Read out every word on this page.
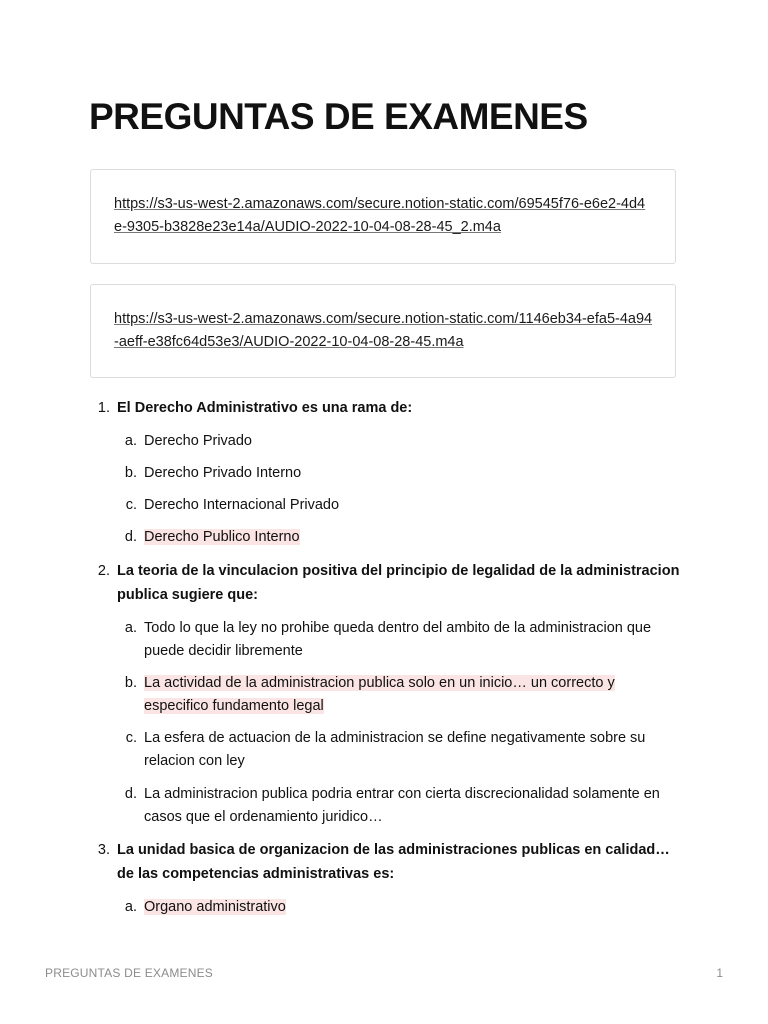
PREGUNTAS DE EXAMENES
https://s3-us-west-2.amazonaws.com/secure.notion-static.com/69545f76-e6e2-4d4e-9305-b3828e23e14a/AUDIO-2022-10-04-08-28-45_2.m4a
https://s3-us-west-2.amazonaws.com/secure.notion-static.com/1146eb34-efa5-4a94-aeff-e38fc64d53e3/AUDIO-2022-10-04-08-28-45.m4a
1. El Derecho Administrativo es una rama de:
a. Derecho Privado
b. Derecho Privado Interno
c. Derecho Internacional Privado
d. Derecho Publico Interno
2. La teoria de la vinculacion positiva del principio de legalidad de la administracion publica sugiere que:
a. Todo lo que la ley no prohibe queda dentro del ambito de la administracion que puede decidir libremente
b. La actividad de la administracion publica solo en un inicio… un correcto y especifico fundamento legal
c. La esfera de actuacion de la administracion se define negativamente sobre su relacion con ley
d. La administracion publica podria entrar con cierta discrecionalidad solamente en casos que el ordenamiento juridico…
3. La unidad basica de organizacion de las administraciones publicas en calidad… de las competencias administrativas es:
a. Organo administrativo
PREGUNTAS DE EXAMENES	1
